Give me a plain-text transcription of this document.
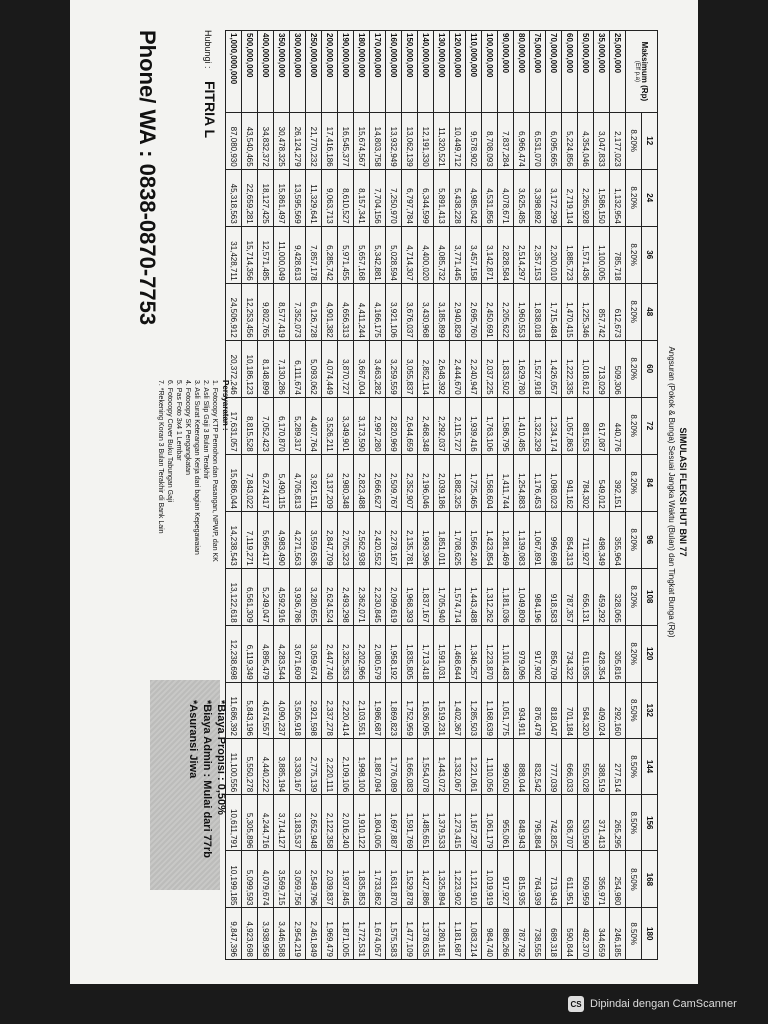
SIMULASI FLEKSI HUT BNI 77
Angsuran (Pokok & Bunga) Sesuai Jangka Waktu (Bulan) dan Tingkat Bunga (Rp)
Maksimum (Rp)
(Eff p.a)	12	24	36	48	60	72	84	96	108	120	132	144	156	168	180
	8.20%	8.20%	8.20%	8.20%	8.20%	8.20%	8.20%	8.20%	8.20%	8.20%	8.50%	8.50%	8.50%	8.50%	8.50%
25,000,000	2,177,023	1,132,954	785,718	612,673	509,306	440,776	392,151	355,964	328,065	305,816	292,160	277,514	265,295	254,980	246,185
35,000,000	3,047,833	1,586,150	1,100,005	857,742	713,029	617,087	549,012	498,349	459,292	428,354	409,024	388,519	371,413	356,971	344,659
50,000,000	4,354,046	2,265,928	1,571,436	1,225,346	1,018,612	881,553	784,302	711,927	656,131	611,935	584,320	555,028	530,590	509,959	492,370
60,000,000	5,224,856	2,719,114	1,885,723	1,470,415	1,222,335	1,057,863	941,162	854,313	787,357	734,322	701,184	666,033	636,707	611,951	590,844
70,000,000	6,095,665	3,172,299	2,200,010	1,715,484	1,426,057	1,234,174	1,098,023	996,698	918,583	856,709	818,047	777,039	742,825	713,943	689,318
75,000,000	6,531,070	3,398,892	2,357,153	1,838,018	1,527,918	1,322,329	1,176,453	1,067,891	984,196	917,902	876,479	832,542	795,884	764,939	738,555
80,000,000	6,966,474	3,625,485	2,514,297	1,960,553	1,629,780	1,410,485	1,254,883	1,139,083	1,049,809	979,096	934,911	888,044	848,943	815,935	787,792
90,000,000	7,837,284	4,078,671	2,828,584	2,205,622	1,833,502	1,586,795	1,411,744	1,281,469	1,181,036	1,101,483	1,051,775	999,050	955,061	917,927	886,266
100,000,000	8,708,093	4,531,856	3,142,871	2,450,691	2,037,225	1,763,106	1,568,604	1,423,854	1,312,262	1,223,870	1,168,639	1,110,056	1,061,179	1,019,919	984,740
110,000,000	9,578,902	4,985,042	3,457,158	2,695,760	2,240,947	1,939,416	1,725,465	1,566,240	1,443,488	1,346,257	1,285,503	1,221,061	1,167,297	1,121,910	1,083,214
120,000,000	10,449,712	5,438,228	3,771,445	2,940,829	2,444,670	2,115,727	1,882,325	1,708,625	1,574,714	1,468,644	1,402,367	1,332,067	1,273,415	1,223,902	1,181,687
130,000,000	11,320,521	5,891,413	4,085,732	3,185,899	2,648,392	2,292,037	2,039,186	1,851,011	1,705,940	1,591,031	1,519,231	1,443,072	1,379,533	1,325,894	1,280,161
140,000,000	12,191,330	6,344,599	4,400,020	3,430,968	2,852,114	2,468,348	2,196,046	1,993,396	1,837,167	1,713,418	1,636,095	1,554,078	1,485,651	1,427,886	1,378,635
150,000,000	13,062,139	6,797,784	4,714,307	3,676,037	3,055,837	2,644,659	2,352,907	2,135,781	1,968,393	1,835,805	1,752,959	1,665,083	1,591,769	1,529,878	1,477,109
160,000,000	13,932,949	7,250,970	5,028,594	3,921,106	3,259,559	2,820,969	2,509,767	2,278,167	2,099,619	1,958,192	1,869,823	1,776,089	1,697,887	1,631,870	1,575,583
170,000,000	14,803,758	7,704,156	5,342,881	4,166,175	3,463,282	2,997,280	2,666,627	2,420,552	2,230,845	2,080,579	1,986,687	1,887,094	1,804,005	1,733,862	1,674,057
180,000,000	15,674,567	8,157,341	5,657,168	4,411,244	3,667,004	3,173,590	2,823,488	2,562,938	2,362,071	2,202,966	2,103,551	1,998,100	1,910,122	1,835,853	1,772,531
190,000,000	16,545,377	8,610,527	5,971,455	4,656,313	3,870,727	3,349,901	2,980,348	2,705,323	2,493,298	2,325,353	2,220,414	2,109,106	2,016,240	1,937,845	1,871,005
200,000,000	17,416,186	9,063,713	6,285,742	4,901,382	4,074,449	3,526,211	3,137,209	2,847,709	2,624,524	2,447,740	2,337,278	2,220,111	2,122,358	2,039,837	1,969,479
250,000,000	21,770,232	11,329,641	7,857,178	6,126,728	5,093,062	4,407,764	3,921,511	3,559,636	3,280,655	3,059,674	2,921,598	2,775,139	2,652,948	2,549,796	2,461,849
300,000,000	26,124,279	13,595,569	9,428,613	7,352,073	6,111,674	5,289,317	4,705,813	4,271,563	3,936,786	3,671,609	3,505,918	3,330,167	3,183,537	3,059,756	2,954,219
350,000,000	30,478,325	15,861,497	11,000,049	8,577,419	7,130,286	6,170,870	5,490,115	4,983,490	4,592,916	4,283,544	4,090,237	3,885,194	3,714,127	3,569,715	3,446,588
400,000,000	34,832,372	18,127,425	12,571,485	9,802,765	8,148,899	7,052,423	6,274,417	5,695,417	5,249,047	4,895,479	4,674,557	4,440,222	4,244,716	4,079,674	3,938,958
500,000,000	43,540,465	22,659,281	15,714,356	12,253,456	10,186,123	8,815,528	7,843,022	7,119,271	6,561,309	6,119,349	5,843,196	5,550,278	5,305,896	5,099,593	4,923,698
1,000,000,000	87,080,930	45,318,563	31,428,711	24,506,912	20,372,246	17,631,057	15,686,044	14,238,543	13,122,618	12,238,698	11,686,392	11,100,556	10,611,791	10,199,185	9,847,396
Hubungi : FITRIA L
Phone/ WA : 0838-0870-7753
Persyaratan :
1. Fotocopy KTP Pemohon dan Pasangan, NPWP, dan KK
2. Asli Slip Gaji 3 Bulan Terakhir
3. Asli Surat Keterangan Kerja dari bagian Kepegawaian
4. Fotocopy SK Pengangkatan
5. Pas Foto 3x4 1 Lembar
6. Fotocopy Cover Buku Tabungan Gaji
7. *Rekening Koran 3 Bulan Terakhir di Bank Lain
*Biaya Propisi : 0,50%
*Biaya Admin : Mulai dari 77rb
*Asuransi Jiwa
CS Dipindai dengan CamScanner
